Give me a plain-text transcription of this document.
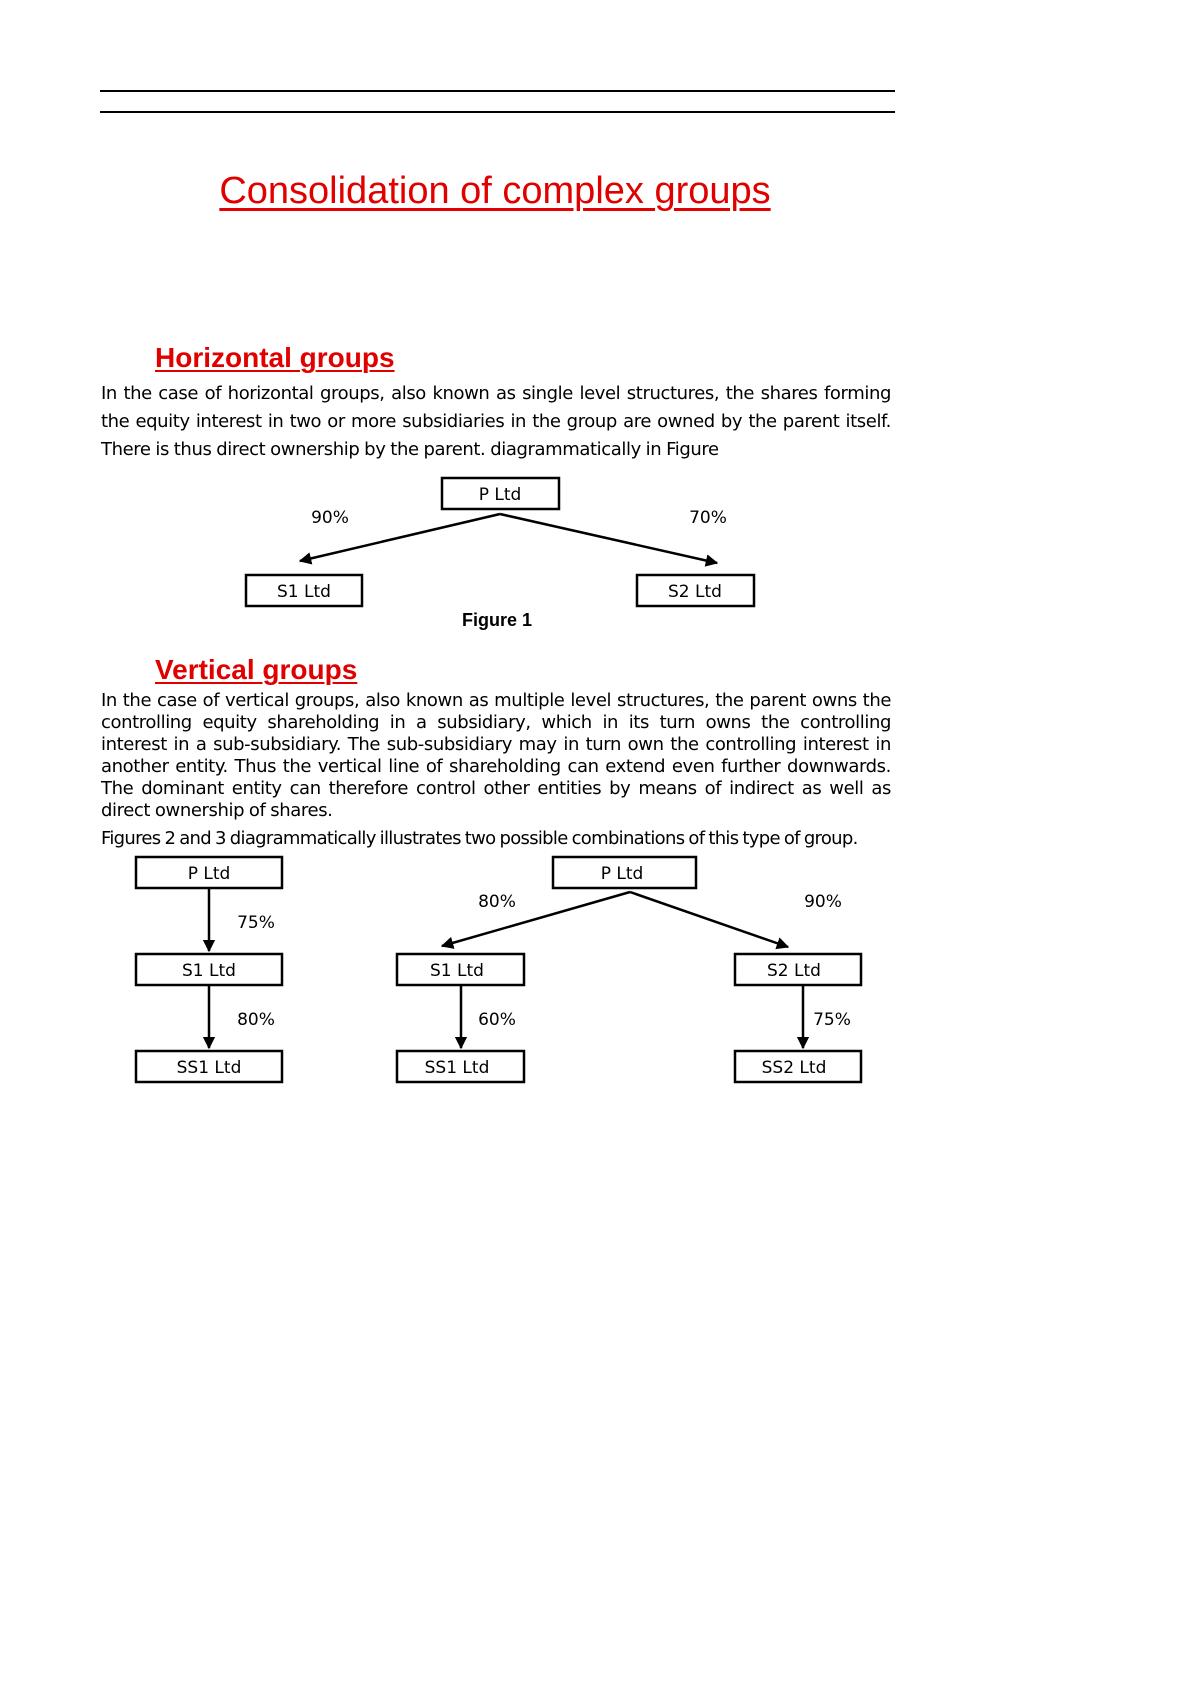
Consolidation of complex groups
Horizontal groups
In the case of horizontal groups, also known as single level structures, the shares forming the equity interest in two or more subsidiaries in the group are owned by the parent itself. There is thus direct ownership by the parent. diagrammatically in Figure
Vertical groups
In the case of vertical groups, also known as multiple level structures, the parent owns the controlling equity shareholding in a subsidiary, which in its turn owns the controlling interest in a sub-subsidiary. The sub-subsidiary may in turn own the controlling interest in another entity. Thus the vertical line of shareholding can extend even further downwards. The dominant entity can therefore control other entities by means of indirect as well as direct ownership of shares.
Figures 2 and 3 diagrammatically illustrates two possible combinations of this type of group.
P Ltd
90%	70%
S1 Ltd	S2 Ltd
Figure 1
P Ltd
75%
S1 Ltd
80%
SS1 Ltd
P Ltd
80%	90%
S1 Ltd	S2 Ltd
60%	75%
SS1 Ltd	SS2 Ltd
